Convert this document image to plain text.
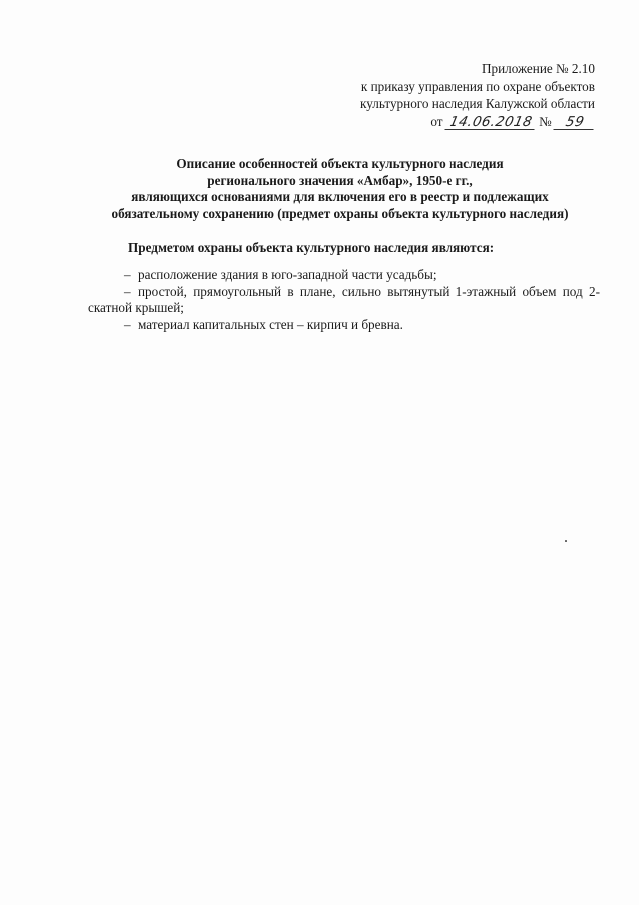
Приложение № 2.10
к приказу управления по охране объектов
культурного наследия Калужской области
от 14.06.2018 № 59
Описание особенностей объекта культурного наследия
регионального значения «Амбар», 1950-е гг.,
являющихся основаниями для включения его в реестр и подлежащих
обязательному сохранению (предмет охраны объекта культурного наследия)
Предметом охраны объекта культурного наследия являются:

– расположение здания в юго-западной части усадьбы;

– простой, прямоугольный в плане, сильно вытянутый 1-этажный объем под 2-скатной крышей;

– материал капитальных стен – кирпич и бревна.
